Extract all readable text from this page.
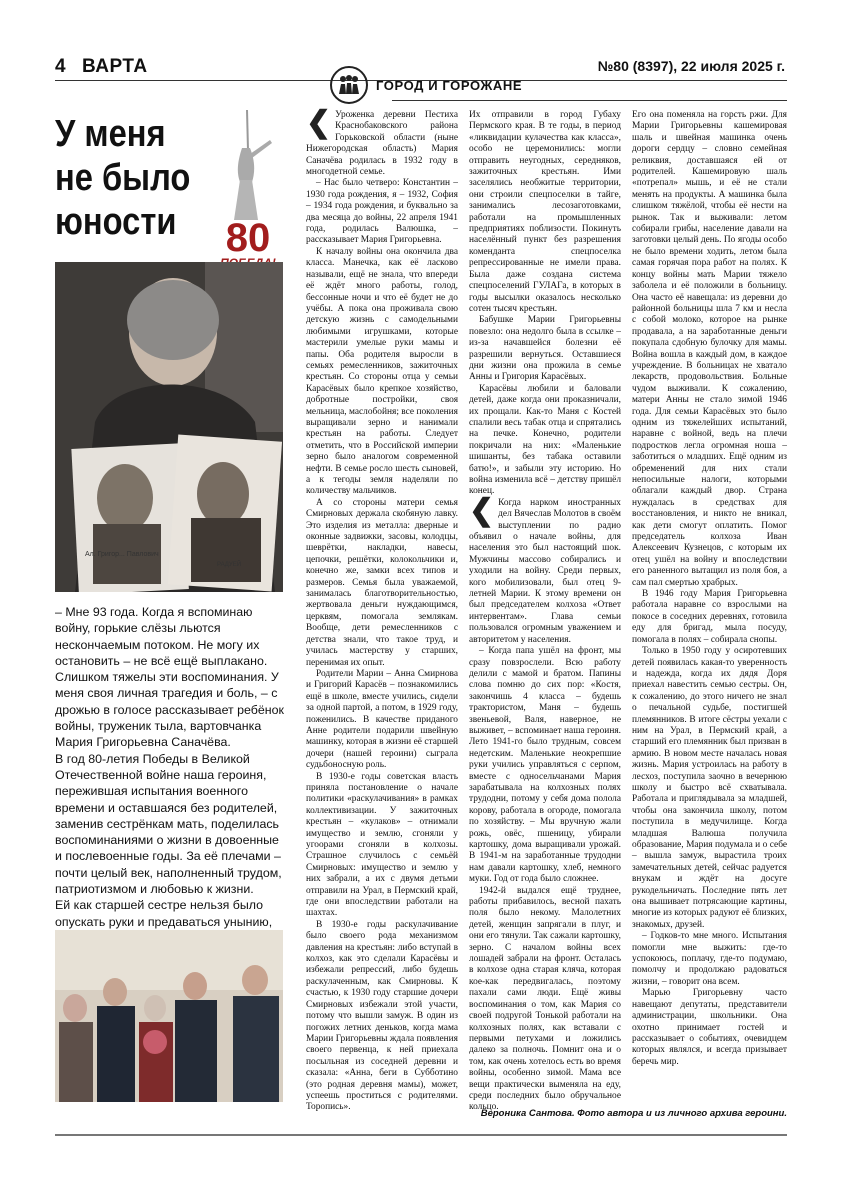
4 ВАРТА	№80 (8397), 22 июля 2025 г.
ГОРОД И ГОРОЖАНЕ
У меня
не было
юности	80
Ал. Григор... Павлович
РАДУЕЙ

– Мне 93 года. Когда я вспоминаю войну, горькие слёзы льются нескончаемым потоком. Не могу их остановить – не всё ещё выплакано. Слишком тяжелы эти воспоминания. У меня своя личная трагедия и боль, – с дрожью в голосе рассказывает ребёнок войны, труженик тыла, вартовчанка Мария Григорьевна Саначёва.

В год 80-летия Победы в Великой Отечественной войне наша героиня, пережившая испытания военного времени и оставшаяся без родителей, заменив сестрёнкам мать, поделилась воспоминаниями о жизни в довоенные и послевоенные годы. За её плечами – почти целый век, наполненный трудом, патриотизмом и любовью к жизни.

Ей как старшей сестре нельзя было опускать руки и предаваться унынию,

❮ Уроженка деревни Пестиха Краснобаковского района Горьковской области (ныне Нижегородская область) Мария Саначёва родилась в 1932 году в многодетной семье.

– Нас было четверо: Константин – 1930 года рождения, я – 1932, София – 1934 года рождения, и буквально за два месяца до войны, 22 апреля 1941 года, родилась Валюшка, – рассказывает Мария Григорьевна.

К началу войны она окончила два класса. Манечка, как её ласково называли, ещё не знала, что впереди её ждёт много работы, голод, бессонные ночи и что её будет не до учёбы. А пока она проживала свою детскую жизнь с самодельными любимыми игрушками, которые мастерили умелые руки мамы и папы. Оба родителя выросли в семьях ремесленников, зажиточных крестьян. Со стороны отца у семьи Карасёвых было крепкое хозяйство, добротные постройки, своя мельница, маслобойня; все поколения выращивали зерно и нанимали крестьян на работы. Следует отметить, что в Российской империи зерно было аналогом современной нефти. В семье росло шесть сыновей, а к тегоды земля наделяли по количеству мальчиков.

А со стороны матери семья Смирновых держала скобяную лавку. Это изделия из металла: дверные и оконные задвижки, засовы, колодцы, шеврётки, накладки, навесы, цепочки, решётки, колокольчики и, конечно же, замки всех типов и размеров. Семья была уважаемой, занималась благотворительностью, жертвовала деньги нуждающимся, церквям, помогала землякам. Вообще, дети ремесленников с детства знали, что такое труд, и училась мастерству у старших, перенимая их опыт.

Родители Марии – Анна Смирнова и Григорий Карасёв – познакомились ещё в школе, вместе учились, сидели за одной партой, а потом, в 1929 году, поженились. В качестве приданого Анне родители подарили швейную машинку, которая в жизни её старшей дочери (нашей героини) сыграла судьбоносную роль.

В 1930-е годы советская власть приняла постановление о начале политики «раскулачивания» в рамках коллективизации. У зажиточных крестьян – «кулаков» – отнимали имущество и землю, сгоняли у угоорами сгоняли в колхозы. Страшное случилось с семьёй Смирновых: имущество и землю у них забрали, а их с двумя детьми отправили на Урал, в Пермский край, где они впоследствии работали на шахтах.

В 1930-е годы раскулачивание было своего рода механизмом давления на крестьян: либо вступай в колхоз, как это сделали Карасёвы и избежали репрессий, либо будешь раскулаченным, как Смирновы. К счастью, к 1930 году старшие дочери Смирновых избежали этой участи, потому что вышли замуж. В один из погожих летних деньков, когда мама Марии Григорьевны ждала появления своего первенца, к ней приехала посыльная из соседней деревни и сказала: «Анна, беги в Субботино (это родная деревня мамы), может, успеешь проститься с родителями. Торопись».

Их отправили в город Губаху Пермского края. В те годы, в период «ликвидации кулачества как класса», особо не церемонились: могли отправить неугодных, середняков, зажиточных крестьян. Ими заселялись необжитые территории, они строили спецпоселки в тайге, занимались лесозаготовками, работали на промышленных предприятиях поблизости. Покинуть населённый пункт без разрешения коменданта спецпоселка репрессированные не имели права. Была даже создана система спецпоселений ГУЛАГа, в которых в годы высылки оказалось несколько сотен тысяч крестьян.

Бабушке Марии Григорьевны повезло: она недолго была в ссылке – из-за начавшейся болезни её разрешили вернуться. Оставшиеся дни жизни она прожила в семье Анны и Григория Карасёвых.

Карасёвы любили и баловали детей, даже когда они проказничали, их прощали. Как-то Маня с Костей спалили весь табак отца и спрятались на печке. Конечно, родители покричали на них: «Маленькие шишанты, без табака оставили батю!», и забыли эту историю. Но война изменила всё – детству пришёл конец.

❮ Когда нарком иностранных дел Вячеслав Молотов в своём выступлении по радио объявил о начале войны, для населения это был настоящий шок. Мужчины массово собирались и уходили на войну. Среди первых, кого мобилизовали, был отец 9-летней Марии. К этому времени он был председателем колхоза «Ответ интервентам». Глава семьи пользовался огромным уважением и авторитетом у населения.

– Когда папа ушёл на фронт, мы сразу повзрослели. Всю работу делили с мамой и братом. Папины слова помню до сих пор: «Костя, закончишь 4 класса – будешь трактористом, Маня – будешь звеньевой, Валя, наверное, не выживет, – вспоминает наша героиня. Лето 1941-го было трудным, совсем недетским. Маленькие неокрепшие руки учились управляться с серпом, вместе с односельчанами Мария зарабатывала на колхозных полях трудодни, потому у себя дома полола корову, работала в огороде, помогала по хозяйству. – Мы вручную жали рожь, овёс, пшеницу, убирали картошку, дома выращивали урожай. В 1941-м на заработанные трудодни нам давали картошку, хлеб, немного муки. Год от года было сложнее.

1942-й выдался ещё труднее, работы прибавилось, весной пахать поля было некому. Малолетних детей, женщин запрягали в плуг, и они его тянули. Так сажали картошку, зерно. С началом войны всех лошадей забрали на фронт. Осталась в колхозе одна старая кляча, которая кое-как передвигалась, поэтому пахали сами люди. Ещё живы воспоминания о том, как Мария со своей подругой Тонькой работали на колхозных полях, как вставали с первыми петухами и ложились далеко за полночь. Помнит она и о том, как очень хотелось есть во время войны, особенно зимой. Мама все вещи практически выменяла на еду, среди последних было обручальное кольцо.

Его она поменяла на горсть ржи. Для Марии Григорьевны кашемировая шаль и швейная машинка очень дороги сердцу – словно семейная реликвия, доставшаяся ей от родителей. Кашемировую шаль «потрепал» мышь, и её не стали менять на продукты. А машинка была слишком тяжёлой, чтобы её нести на рынок. Так и выживали: летом собирали грибы, население давали на заготовки целый день. По ягоды особо не было времени ходить, летом была самая горячая пора работ на полях. К концу войны мать Марии тяжело заболела и её положили в больницу. Она часто её навещала: из деревни до районной больницы шла 7 км и несла с собой молоко, которое на рынке продавала, а на заработанные деньги покупала сдобную булочку для мамы. Война вошла в каждый дом, в каждое учреждение. В больницах не хватало лекарств, продовольствия. Больные чудом выживали. К сожалению, матери Анны не стало зимой 1946 года. Для семьи Карасёвых это было одним из тяжелейших испытаний, наравне с войной, ведь на плечи подростков легла огромная ноша – заботиться о младших. Ещё одним из обременений для них стали непосильные налоги, которыми облагали каждый двор. Страна нуждалась в средствах для восстановления, и никто не вникал, как дети смогут оплатить. Помог председатель колхоза Иван Алексеевич Кузнецов, с которым их отец ушёл на войну и впоследствии его раненного вытащил из поля боя, а сам пал смертью храбрых.

В 1946 году Мария Григорьевна работала наравне со взрослыми на покосе в соседних деревнях, готовила еду для бригад, мыла посуду, помогала в полях – собирала снопы.

Только в 1950 году у осиротевших детей появилась какая-то уверенность и надежда, когда их дядя Доря приехал навестить семью сестры. Он, к сожалению, до этого ничего не знал о печальной судьбе, постигшей племянников. В итоге сёстры уехали с ним на Урал, в Пермский край, а старший его племянник был призван в армию. В новом месте началась новая жизнь. Мария устроилась на работу в лесхоз, поступила заочно в вечернюю школу и быстро всё схватывала. Работала и приглядывала за младшей, чтобы она закончила школу, потом поступила в медучилище. Когда младшая Валюша получила образование, Мария подумала и о себе – вышла замуж, вырастила троих замечательных детей, сейчас радуется внукам и ждёт на досуге рукодельничать. Последние пять лет она вышивает потрясающие картины, многие из которых радуют её близких, знакомых, друзей.

– Годков-то мне много. Испытания помогли мне выжить: где-то успокоюсь, поплачу, где-то подумаю, помолчу и продолжаю радоваться жизни, – говорит она всем.

Марью Григорьевну часто навещают депутаты, представители администрации, школьники. Она охотно принимает гостей и рассказывает о событиях, очевидцем которых являлся, и всегда призывает беречь мир.

Вероника Сантова. Фото автора и из личного архива героини.
